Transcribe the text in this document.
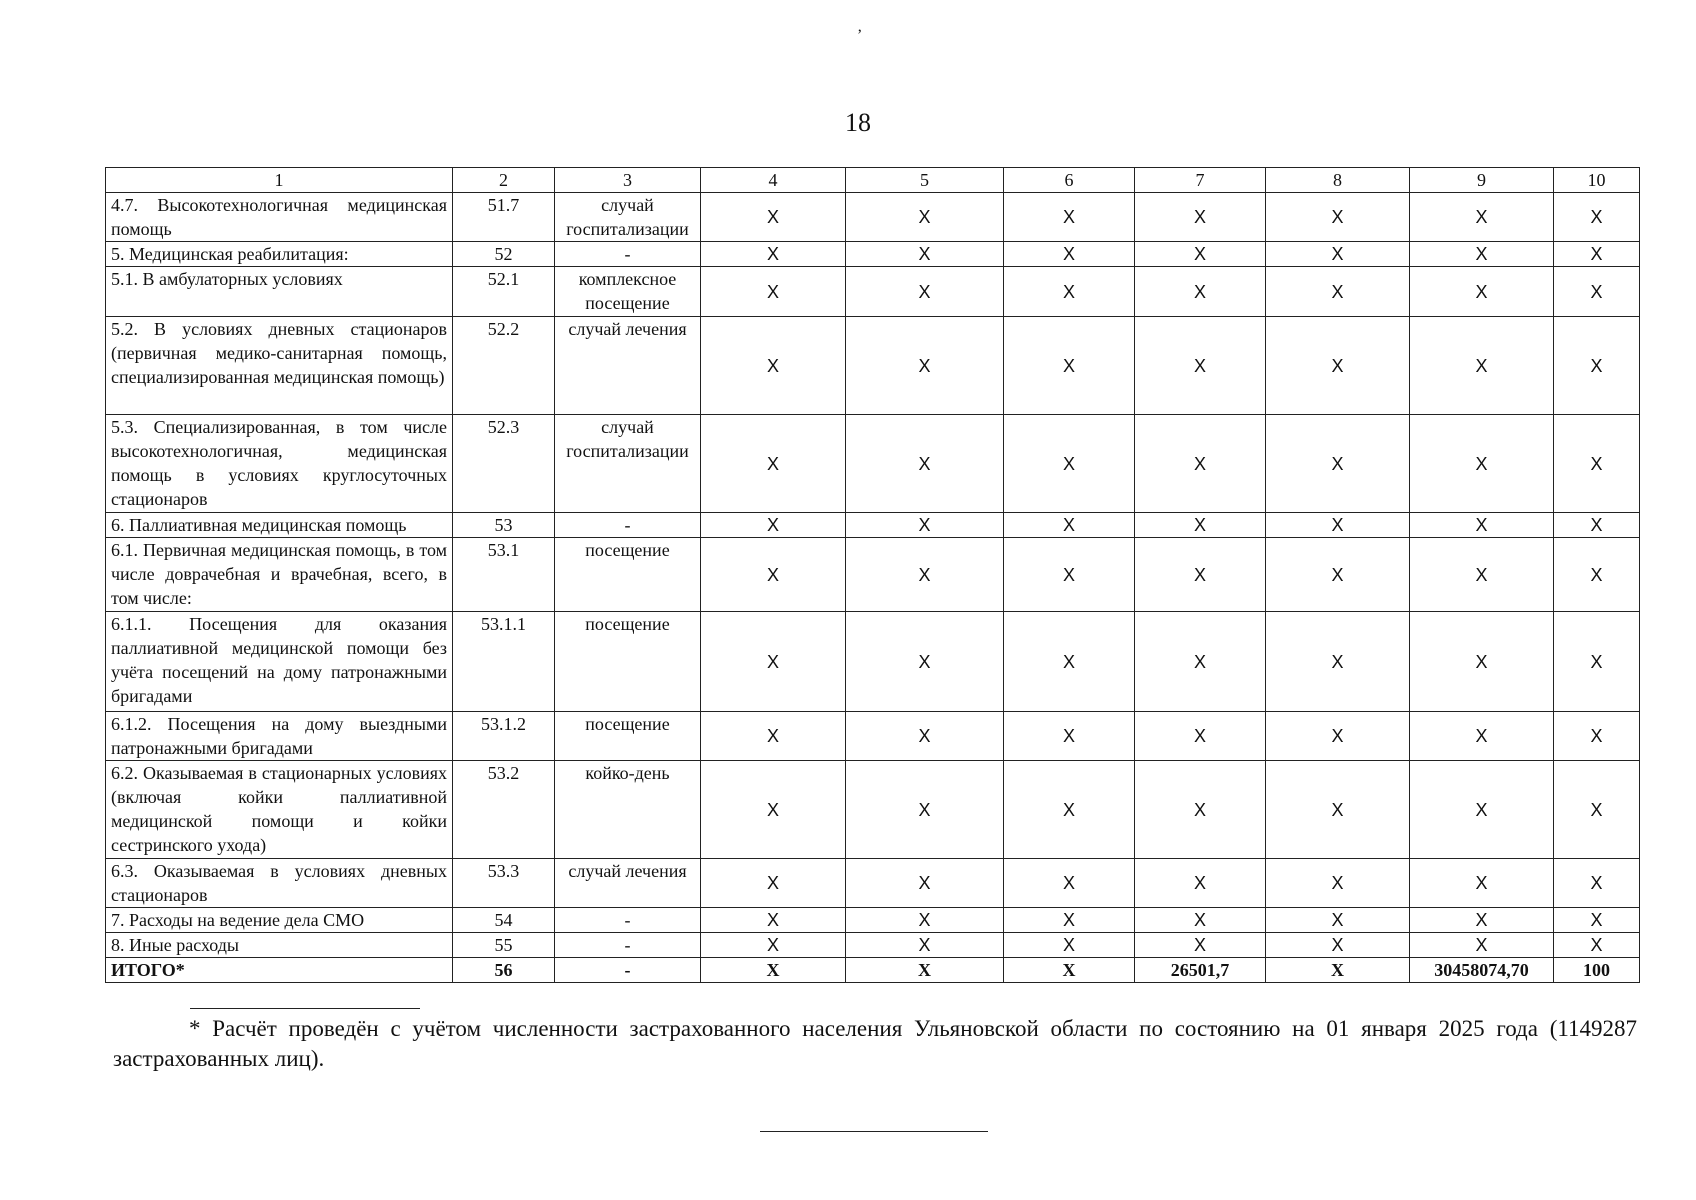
18
‚
1	2	3	4	5	6	7	8	9	10
4.7. Высокотехнологичная медицинская помощь	51.7	случай госпитализации	X	X	X	X	X	X	X
5. Медицинская реабилитация:	52	-	X	X	X	X	X	X	X
5.1. В амбулаторных условиях	52.1	комплексное посещение	X	X	X	X	X	X	X
5.2. В условиях дневных стационаров (первичная медико-санитарная помощь, специализированная медицинская помощь)	52.2	случай лечения	X	X	X	X	X	X	X
5.3. Специализированная, в том числе высокотехнологичная, медицинская помощь в условиях круглосуточных стационаров	52.3	случай госпитализации	X	X	X	X	X	X	X
6. Паллиативная медицинская помощь	53	-	X	X	X	X	X	X	X
6.1. Первичная медицинская помощь, в том числе доврачебная и врачебная, всего, в том числе:	53.1	посещение	X	X	X	X	X	X	X
6.1.1. Посещения для оказания паллиативной медицинской помощи без учёта посещений на дому патронажными бригадами	53.1.1	посещение	X	X	X	X	X	X	X
6.1.2. Посещения на дому выездными патронажными бригадами	53.1.2	посещение	X	X	X	X	X	X	X
6.2. Оказываемая в стационарных условиях (включая койки паллиативной медицинской помощи и койки сестринского ухода)	53.2	койко-день	X	X	X	X	X	X	X
6.3. Оказываемая в условиях дневных стационаров	53.3	случай лечения	X	X	X	X	X	X	X
7. Расходы на ведение дела СМО	54	-	X	X	X	X	X	X	X
8. Иные расходы	55	-	X	X	X	X	X	X	X
ИТОГО*	56	-	X	X	X	26501,7	X	30458074,70	100
* Расчёт проведён с учётом численности застрахованного населения Ульяновской области по состоянию на 01 января 2025 года (1149287 застрахованных лиц).
